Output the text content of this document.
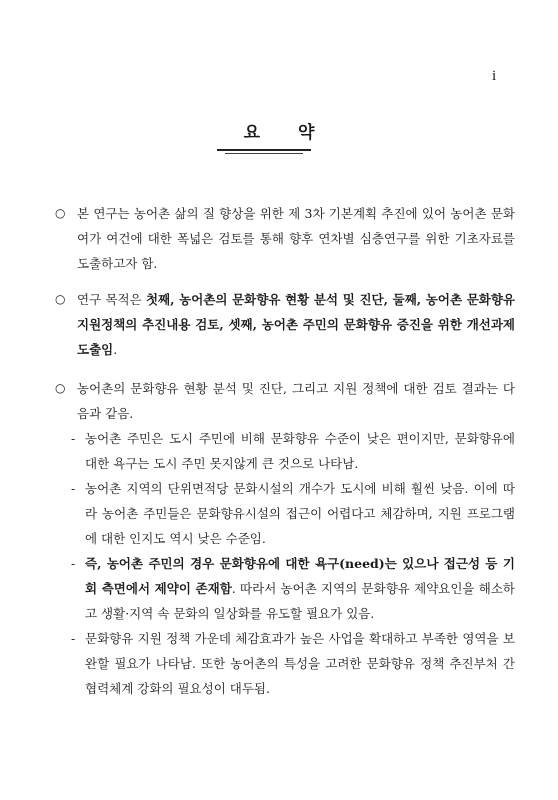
i
요 약
○ 본 연구는 농어촌 삶의 질 향상을 위한 제 3차 기본계획 추진에 있어 농어촌 문화여가 여건에 대한 폭넓은 검토를 통해 향후 연차별 심층연구를 위한 기초자료를 도출하고자 함.
○ 연구 목적은 첫째, 농어촌의 문화향유 현황 분석 및 진단, 둘째, 농어촌 문화향유 지원정책의 추진내용 검토, 셋째, 농어촌 주민의 문화향유 증진을 위한 개선과제 도출임.
○ 농어촌의 문화향유 현황 분석 및 진단, 그리고 지원 정책에 대한 검토 결과는 다음과 같음.
- 농어촌 주민은 도시 주민에 비해 문화향유 수준이 낮은 편이지만, 문화향유에 대한 욕구는 도시 주민 못지않게 큰 것으로 나타남.
- 농어촌 지역의 단위면적당 문화시설의 개수가 도시에 비해 훨씬 낮음. 이에 따라 농어촌 주민들은 문화향유시설의 접근이 어렵다고 체감하며, 지원 프로그램에 대한 인지도 역시 낮은 수준임.
- 즉, 농어촌 주민의 경우 문화향유에 대한 욕구(need)는 있으나 접근성 등 기회 측면에서 제약이 존재함. 따라서 농어촌 지역의 문화향유 제약요인을 해소하고 생활·지역 속 문화의 일상화를 유도할 필요가 있음.
- 문화향유 지원 정책 가운데 체감효과가 높은 사업을 확대하고 부족한 영역을 보완할 필요가 나타남. 또한 농어촌의 특성을 고려한 문화향유 정책 추진부처 간 협력체계 강화의 필요성이 대두됨.
